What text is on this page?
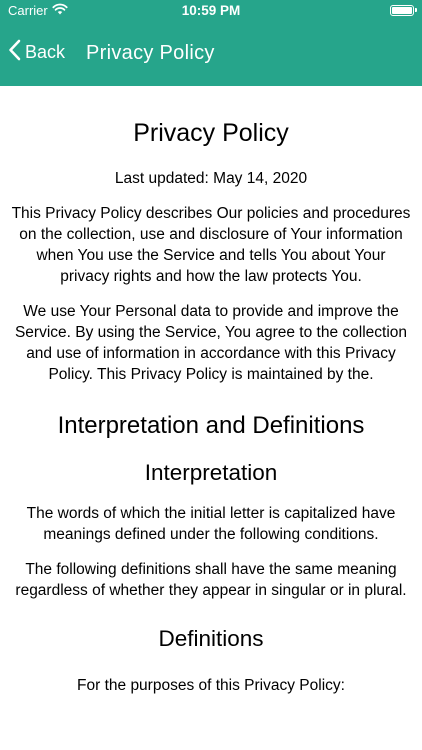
Carrier	10:59 PM
Back Privacy Policy
Privacy Policy
Last updated: May 14, 2020

This Privacy Policy describes Our policies and procedures on the collection, use and disclosure of Your information when You use the Service and tells You about Your privacy rights and how the law protects You.

We use Your Personal data to provide and improve the Service. By using the Service, You agree to the collection and use of information in accordance with this Privacy Policy. This Privacy Policy is maintained by the.

Interpretation and Definitions
Interpretation

The words of which the initial letter is capitalized have meanings defined under the following conditions.

The following definitions shall have the same meaning regardless of whether they appear in singular or in plural.

Definitions

For the purposes of this Privacy Policy:
